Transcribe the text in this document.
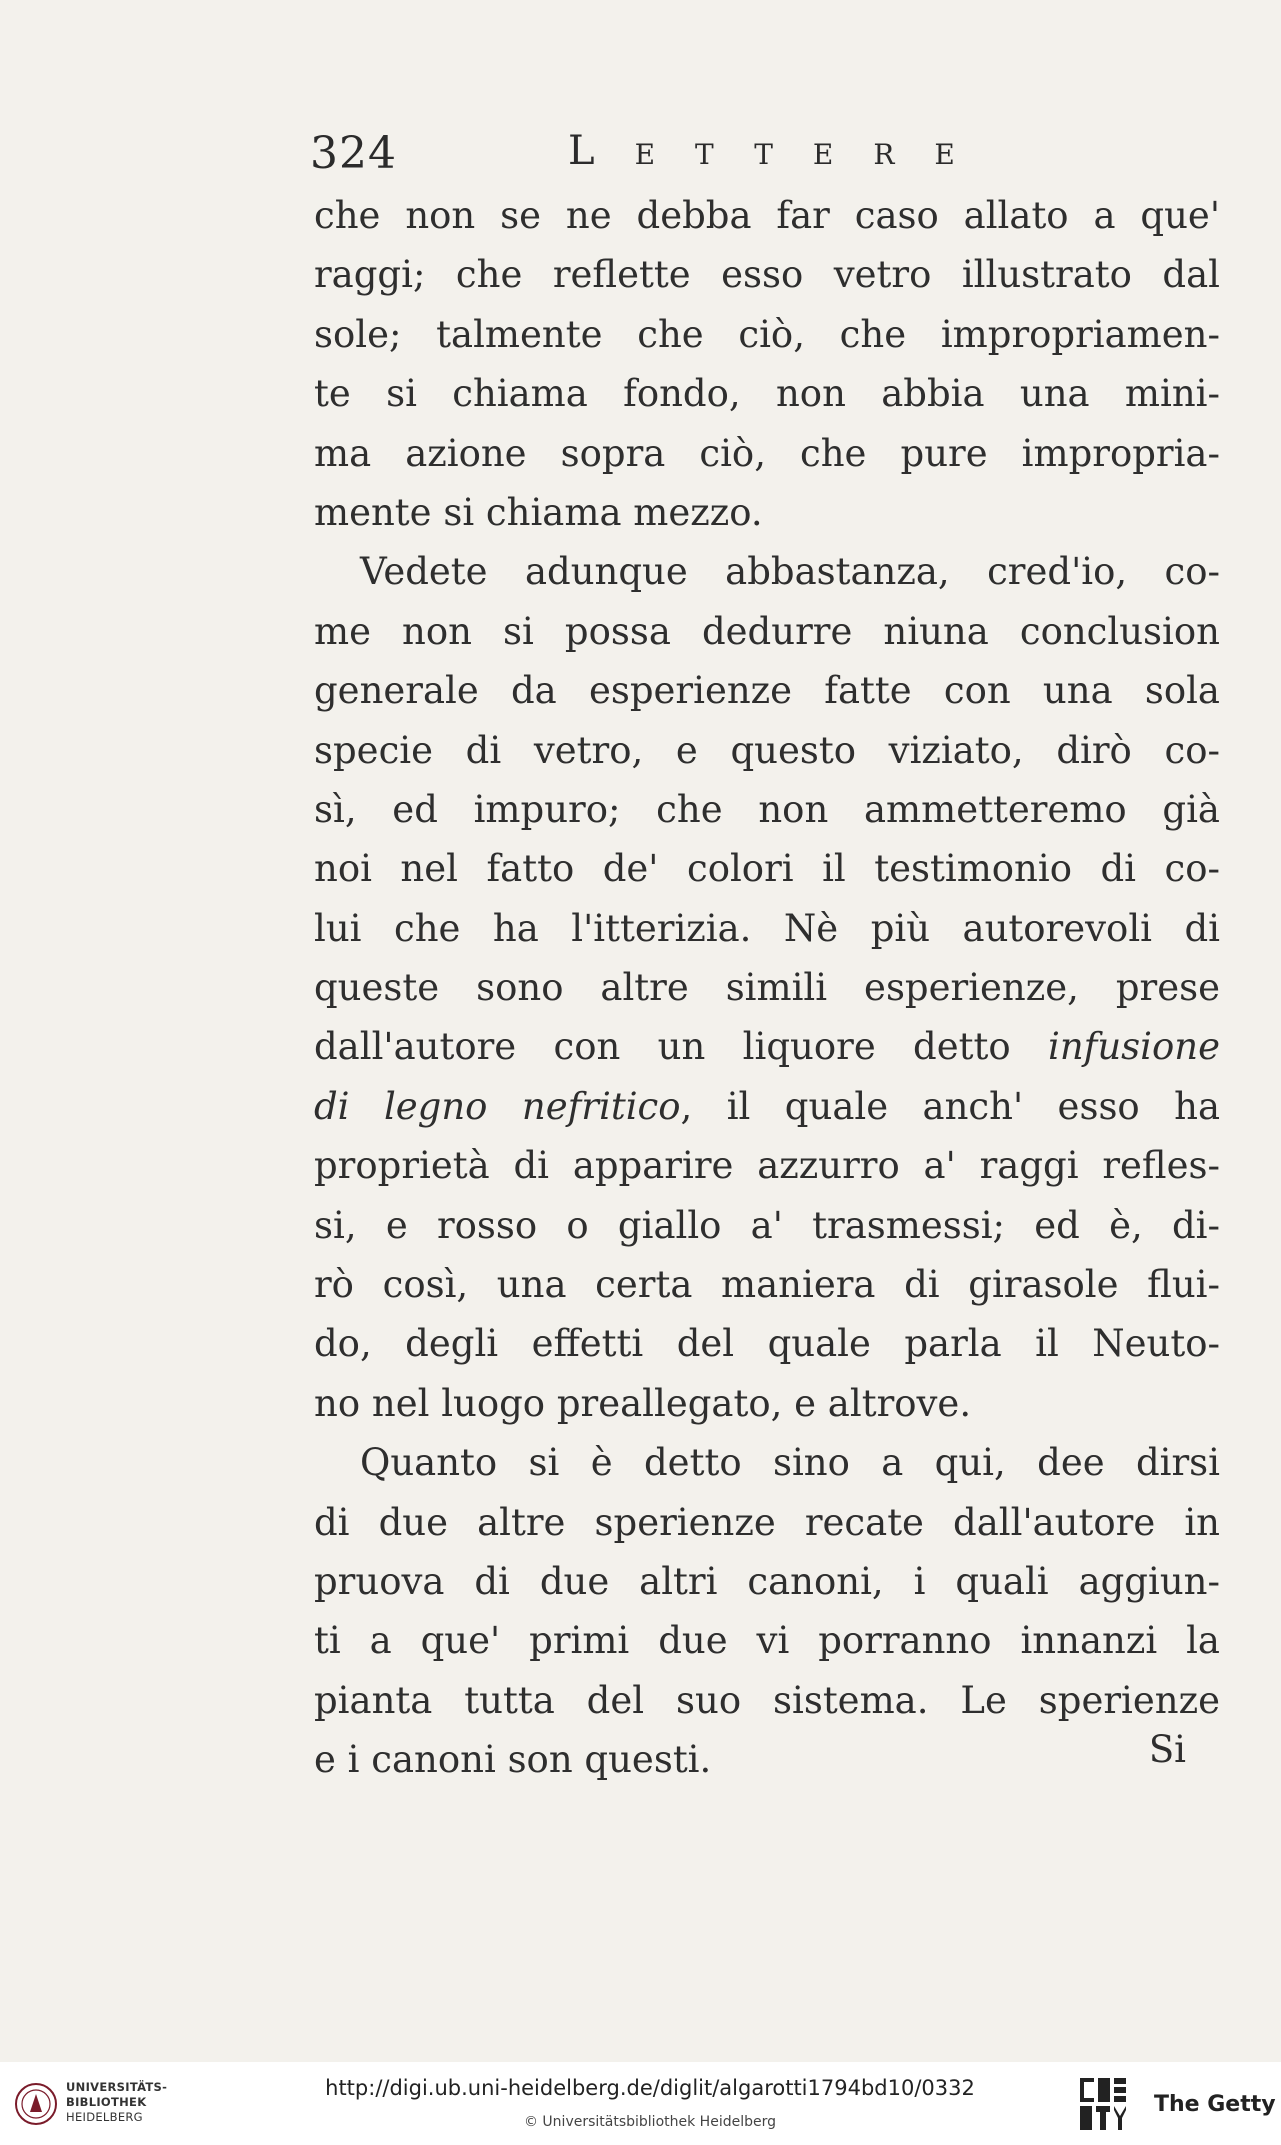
324	Lettere
che non se ne debba far caso allato a que'
raggi; che reflette esso vetro illustrato dal
sole; talmente che ciò, che impropriamen-
te si chiama fondo, non abbia una mini-
ma azione sopra ciò, che pure impropria-
mente si chiama mezzo.
Vedete adunque abbastanza, cred'io, co-
me non si possa dedurre niuna conclusion
generale da esperienze fatte con una sola
specie di vetro, e questo viziato, dirò co-
sì, ed impuro; che non ammetteremo già
noi nel fatto de' colori il testimonio di co-
lui che ha l'itterizia. Nè più autorevoli di
queste sono altre simili esperienze, prese
dall'autore con un liquore detto infusione
di legno nefritico, il quale anch' esso ha
proprietà di apparire azzurro a' raggi refles-
si, e rosso o giallo a' trasmessi; ed è, di-
rò così, una certa maniera di girasole flui-
do, degli effetti del quale parla il Neuto-
no nel luogo preallegato, e altrove.
Quanto si è detto sino a qui, dee dirsi
di due altre sperienze recate dall'autore in
pruova di due altri canoni, i quali aggiun-
ti a que' primi due vi porranno innanzi la
pianta tutta del suo sistema. Le sperienze
e i canoni son questi.	Si
UNIVERSITÄTS-
BIBLIOTHEK
HEIDELBERG
http://digi.ub.uni-heidelberg.de/diglit/algarotti1794bd10/0332
© Universitätsbibliothek Heidelberg
The Getty
